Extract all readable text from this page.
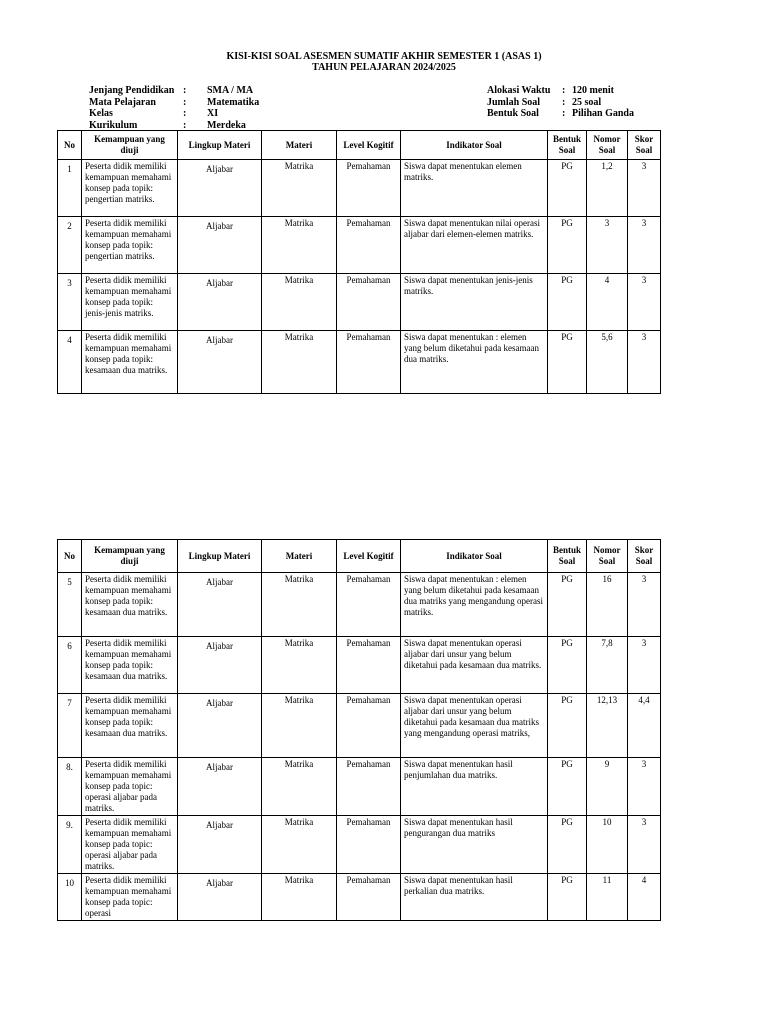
KISI-KISI SOAL ASESMEN SUMATIF AKHIR SEMESTER 1 (ASAS 1)
TAHUN PELAJARAN 2024/2025
Jenjang Pendidikan :	SMA / MA
Mata Pelajaran	:	Matematika
Kelas	:	XI
Kurikulum	:	Merdeka
Alokasi Waktu	: 120 menit
Jumlah Soal	: 25 soal
Bentuk Soal	: Pilihan Ganda
No	Kemampuan yang diuji	Lingkup Materi	Materi	Level Kogitif	Indikator Soal	Bentuk Soal	Nomor Soal	Skor Soal
1	Peserta didik memiliki kemampuan memahami konsep pada topik: pengertian matriks.	Aljabar	Matrika	Pemahaman	Siswa dapat menentukan elemen matriks.	PG	1,2	3
2	Peserta didik memiliki kemampuan memahami konsep pada topik: pengertian matriks.	Aljabar	Matrika	Pemahaman	Siswa dapat menentukan nilai operasi aljabar dari elemen-elemen matriks.	PG	3	3
3	Peserta didik memiliki kemampuan memahami konsep pada topik: jenis-jenis matriks.	Aljabar	Matrika	Pemahaman	Siswa dapat menentukan jenis-jenis matriks.	PG	4	3
4	Peserta didik memiliki kemampuan memahami konsep pada topik: kesamaan dua matriks.	Aljabar	Matrika	Pemahaman	Siswa dapat menentukan : elemen yang belum diketahui pada kesamaan dua matriks.	PG	5,6	3
No	Kemampuan yang diuji	Lingkup Materi	Materi	Level Kogitif	Indikator Soal	Bentuk Soal	Nomor Soal	Skor Soal
5	Peserta didik memiliki kemampuan memahami konsep pada topik: kesamaan dua matriks.	Aljabar	Matrika	Pemahaman	Siswa dapat menentukan : elemen yang belum diketahui pada kesamaan dua matriks yang mengandung operasi matriks.	PG	16	3
6	Peserta didik memiliki kemampuan memahami konsep pada topik: kesamaan dua matriks.	Aljabar	Matrika	Pemahaman	Siswa dapat menentukan operasi aljabar dari unsur yang belum diketahui pada kesamaan dua matriks.	PG	7,8	3
7	Peserta didik memiliki kemampuan memahami konsep pada topik: kesamaan dua matriks.	Aljabar	Matrika	Pemahaman	Siswa dapat menentukan operasi aljabar dari unsur yang belum diketahui pada kesamaan dua matriks yang mengandung operasi matriks,	PG	12,13	4,4
8.	Peserta didik memiliki kemampuan memahami konsep pada topic: operasi aljabar pada matriks.	Aljabar	Matrika	Pemahaman	Siswa dapat menentukan hasil penjumlahan dua matriks.	PG	9	3
9.	Peserta didik memiliki kemampuan memahami konsep pada topic: operasi aljabar pada matriks.	Aljabar	Matrika	Pemahaman	Siswa dapat menentukan hasil pengurangan dua matriks	PG	10	3
10	Peserta didik memiliki kemampuan memahami konsep pada topic: operasi	Aljabar	Matrika	Pemahaman	Siswa dapat menentukan hasil perkalian dua matriks.	PG	11	4
